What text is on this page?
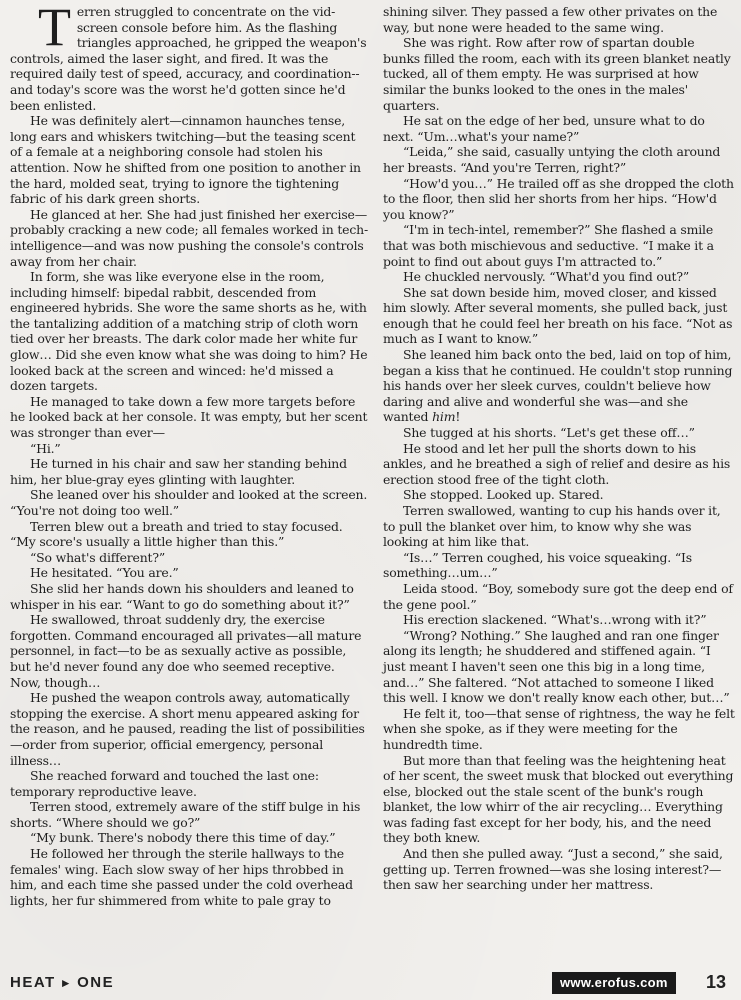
Terren struggled to concentrate on the vid-screen console before him. As the flashing triangles approached, he gripped the weapon's controls, aimed the laser sight, and fired. It was the required daily test of speed, accuracy, and coordination--and today's score was the worst he'd gotten since he'd been enlisted.

He was definitely alert—cinnamon haunches tense, long ears and whiskers twitching—but the teasing scent of a female at a neighboring console had stolen his attention. Now he shifted from one position to another in the hard, molded seat, trying to ignore the tightening fabric of his dark green shorts.

He glanced at her. She had just finished her exercise—probably cracking a new code; all females worked in tech-intelligence—and was now pushing the console's controls away from her chair.

In form, she was like everyone else in the room, including himself: bipedal rabbit, descended from engineered hybrids. She wore the same shorts as he, with the tantalizing addition of a matching strip of cloth worn tied over her breasts. The dark color made her white fur glow… Did she even know what she was doing to him? He looked back at the screen and winced: he'd missed a dozen targets.

He managed to take down a few more targets before he looked back at her console. It was empty, but her scent was stronger than ever—

“Hi.”

He turned in his chair and saw her standing behind him, her blue-gray eyes glinting with laughter.

She leaned over his shoulder and looked at the screen. “You're not doing too well.”

Terren blew out a breath and tried to stay focused. “My score's usually a little higher than this.”

“So what's different?”

He hesitated. “You are.”

She slid her hands down his shoulders and leaned to whisper in his ear. “Want to go do something about it?”

He swallowed, throat suddenly dry, the exercise forgotten. Command encouraged all privates—all mature personnel, in fact—to be as sexually active as possible, but he'd never found any doe who seemed receptive. Now, though…

He pushed the weapon controls away, automatically stopping the exercise. A short menu appeared asking for the reason, and he paused, reading the list of possibilities—order from superior, official emergency, personal illness…

She reached forward and touched the last one: temporary reproductive leave.

Terren stood, extremely aware of the stiff bulge in his shorts. “Where should we go?”

“My bunk. There's nobody there this time of day.”

He followed her through the sterile hallways to the females' wing. Each slow sway of her hips throbbed in him, and each time she passed under the cold overhead lights, her fur shimmered from white to pale gray to

shining silver. They passed a few other privates on the way, but none were headed to the same wing.

She was right. Row after row of spartan double bunks filled the room, each with its green blanket neatly tucked, all of them empty. He was surprised at how similar the bunks looked to the ones in the males' quarters.

He sat on the edge of her bed, unsure what to do next. “Um…what's your name?”

“Leida,” she said, casually untying the cloth around her breasts. “And you're Terren, right?”

“How'd you…” He trailed off as she dropped the cloth to the floor, then slid her shorts from her hips. “How'd you know?”

“I'm in tech-intel, remember?” She flashed a smile that was both mischievous and seductive. “I make it a point to find out about guys I'm attracted to.”

He chuckled nervously. “What'd you find out?”

She sat down beside him, moved closer, and kissed him slowly. After several moments, she pulled back, just enough that he could feel her breath on his face. “Not as much as I want to know.”

She leaned him back onto the bed, laid on top of him, began a kiss that he continued. He couldn't stop running his hands over her sleek curves, couldn't believe how daring and alive and wonderful she was—and she wanted him!

She tugged at his shorts. “Let's get these off…”

He stood and let her pull the shorts down to his ankles, and he breathed a sigh of relief and desire as his erection stood free of the tight cloth.

She stopped. Looked up. Stared.

Terren swallowed, wanting to cup his hands over it, to pull the blanket over him, to know why she was looking at him like that.

“Is…” Terren coughed, his voice squeaking. “Is something…um…”

Leida stood. “Boy, somebody sure got the deep end of the gene pool.”

His erection slackened. “What's…wrong with it?”

“Wrong? Nothing.” She laughed and ran one finger along its length; he shuddered and stiffened again. “I just meant I haven't seen one this big in a long time, and…” She faltered. “Not attached to someone I liked this well. I know we don't really know each other, but…”

He felt it, too—that sense of rightness, the way he felt when she spoke, as if they were meeting for the hundredth time.

But more than that feeling was the heightening heat of her scent, the sweet musk that blocked out everything else, blocked out the stale scent of the bunk's rough blanket, the low whirr of the air recycling… Everything was fading fast except for her body, his, and the need they both knew.

And then she pulled away. “Just a second,” she said, getting up. Terren frowned—was she losing interest?—then saw her searching under her mattress.

HEAT ► ONE	www.erofus.com	13
